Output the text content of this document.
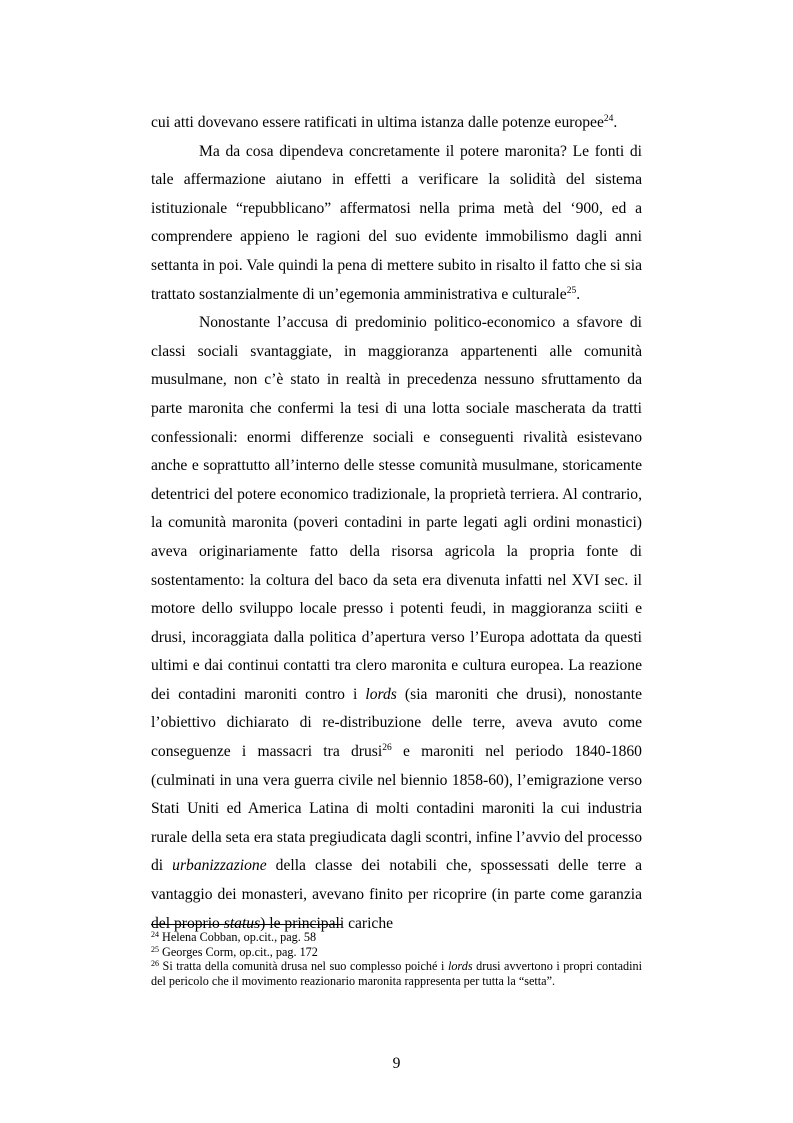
cui atti dovevano essere ratificati in ultima istanza dalle potenze europee$^{24}$.

Ma da cosa dipendeva concretamente il potere maronita? Le fonti di tale affermazione aiutano in effetti a verificare la solidità del sistema istituzionale “repubblicano” affermatosi nella prima metà del ‘900, ed a comprendere appieno le ragioni del suo evidente immobilismo dagli anni settanta in poi. Vale quindi la pena di mettere subito in risalto il fatto che si sia trattato sostanzialmente di un’egemonia amministrativa e culturale$^{25}$.

Nonostante l’accusa di predominio politico-economico a sfavore di classi sociali svantaggiate, in maggioranza appartenenti alle comunità musulmane, non c’è stato in realtà in precedenza nessuno sfruttamento da parte maronita che confermi la tesi di una lotta sociale mascherata da tratti confessionali: enormi differenze sociali e conseguenti rivalità esistevano anche e soprattutto all’interno delle stesse comunità musulmane, storicamente detentrici del potere economico tradizionale, la proprietà terriera. Al contrario, la comunità maronita (poveri contadini in parte legati agli ordini monastici) aveva originariamente fatto della risorsa agricola la propria fonte di sostentamento: la coltura del baco da seta era divenuta infatti nel XVI sec. il motore dello sviluppo locale presso i potenti feudi, in maggioranza sciiti e drusi, incoraggiata dalla politica d’apertura verso l’Europa adottata da questi ultimi e dai continui contatti tra clero maronita e cultura europea. La reazione dei contadini maroniti contro i lords (sia maroniti che drusi), nonostante l’obiettivo dichiarato di re-distribuzione delle terre, aveva avuto come conseguenze i massacri tra drusi$^{26}$ e maroniti nel periodo 1840-1860 (culminati in una vera guerra civile nel biennio 1858-60), l’emigrazione verso Stati Uniti ed America Latina di molti contadini maroniti la cui industria rurale della seta era stata pregiudicata dagli scontri, infine l’avvio del processo di urbanizzazione della classe dei notabili che, spossessati delle terre a vantaggio dei monasteri, avevano finito per ricoprire (in parte come garanzia del proprio status) le principali cariche

$^{24}$ Helena Cobban, op.cit., pag. 58

$^{25}$ Georges Corm, op.cit., pag. 172

$^{26}$ Si tratta della comunità drusa nel suo complesso poiché i lords drusi avvertono i propri contadini del pericolo che il movimento reazionario maronita rappresenta per tutta la “setta”.

9
